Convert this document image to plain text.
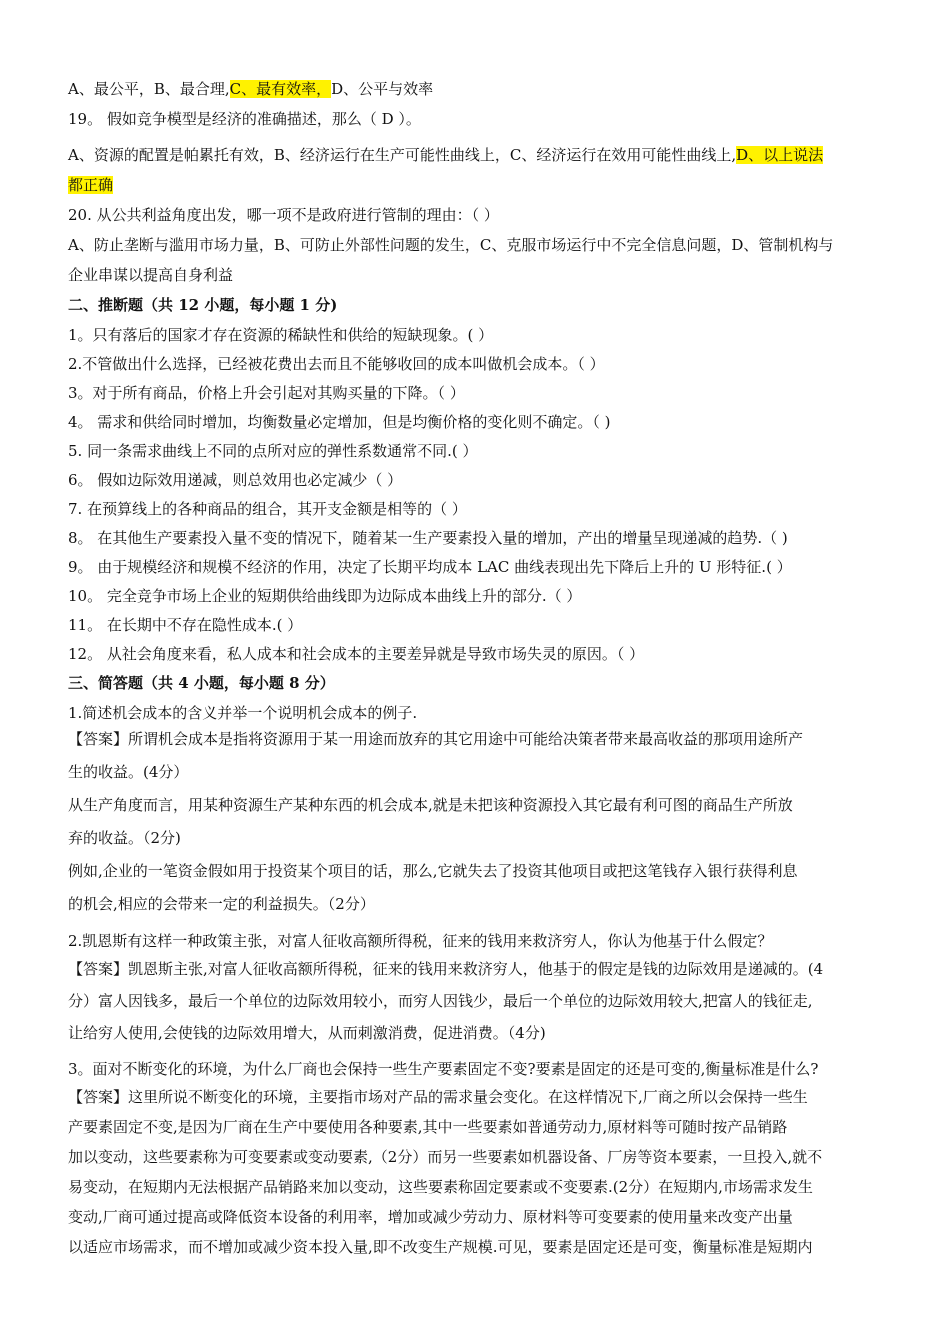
A、最公平，B、最合理,C、最有效率，D、公平与效率
19。 假如竞争模型是经济的准确描述，那么（ D ）。
A、资源的配置是帕累托有效，B、经济运行在生产可能性曲线上，C、经济运行在效用可能性曲线上,D、以上说法
都正确
20. 从公共利益角度出发，哪一项不是政府进行管制的理由：（ ）
A、防止垄断与滥用市场力量，B、可防止外部性问题的发生，C、克服市场运行中不完全信息问题，D、管制机构与
企业串谋以提高自身利益
二、推断题（共 12 小题，每小题 1 分)
1。只有落后的国家才存在资源的稀缺性和供给的短缺现象。( ）
2.不管做出什么选择，已经被花费出去而且不能够收回的成本叫做机会成本。（ ）
3。对于所有商品，价格上升会引起对其购买量的下降。（ ）
4。 需求和供给同时增加，均衡数量必定增加，但是均衡价格的变化则不确定。（ )
5. 同一条需求曲线上不同的点所对应的弹性系数通常不同.( ）
6。 假如边际效用递减，则总效用也必定减少（ ）
7. 在预算线上的各种商品的组合，其开支金额是相等的（ ）
8。 在其他生产要素投入量不变的情况下，随着某一生产要素投入量的增加，产出的增量呈现递减的趋势.（ )
9。 由于规模经济和规模不经济的作用，决定了长期平均成本 LAC 曲线表现出先下降后上升的 U 形特征.( ）
10。 完全竞争市场上企业的短期供给曲线即为边际成本曲线上升的部分.（ ）
11。 在长期中不存在隐性成本.( ）
12。 从社会角度来看，私人成本和社会成本的主要差异就是导致市场失灵的原因。（ ）
三、简答题（共 4 小题，每小题 8 分）
1.简述机会成本的含义并举一个说明机会成本的例子.
【答案】所谓机会成本是指将资源用于某一用途而放弃的其它用途中可能给决策者带来最高收益的那项用途所产
生的收益。(4分）
从生产角度而言，用某种资源生产某种东西的机会成本,就是未把该种资源投入其它最有利可图的商品生产所放
弃的收益。（2分)
例如,企业的一笔资金假如用于投资某个项目的话，那么,它就失去了投资其他项目或把这笔钱存入银行获得利息
的机会,相应的会带来一定的利益损失。（2分）
2.凯恩斯有这样一种政策主张，对富人征收高额所得税，征来的钱用来救济穷人，你认为他基于什么假定？
【答案】凯恩斯主张,对富人征收高额所得税，征来的钱用来救济穷人，他基于的假定是钱的边际效用是递减的。(4
分）富人因钱多，最后一个单位的边际效用较小，而穷人因钱少，最后一个单位的边际效用较大,把富人的钱征走,
让给穷人使用,会使钱的边际效用增大，从而刺激消费，促进消费。（4分)
3。面对不断变化的环境，为什么厂商也会保持一些生产要素固定不变?要素是固定的还是可变的,衡量标准是什么?
【答案】这里所说不断变化的环境，主要指市场对产品的需求量会变化。在这样情况下,厂商之所以会保持一些生
产要素固定不变,是因为厂商在生产中要使用各种要素,其中一些要素如普通劳动力,原材料等可随时按产品销路
加以变动，这些要素称为可变要素或变动要素,（2分）而另一些要素如机器设备、厂房等资本要素，一旦投入,就不
易变动，在短期内无法根据产品销路来加以变动，这些要素称固定要素或不变要素.(2分）在短期内,市场需求发生
变动,厂商可通过提高或降低资本设备的利用率，增加或减少劳动力、原材料等可变要素的使用量来改变产出量
以适应市场需求，而不增加或减少资本投入量,即不改变生产规模.可见，要素是固定还是可变，衡量标准是短期内
